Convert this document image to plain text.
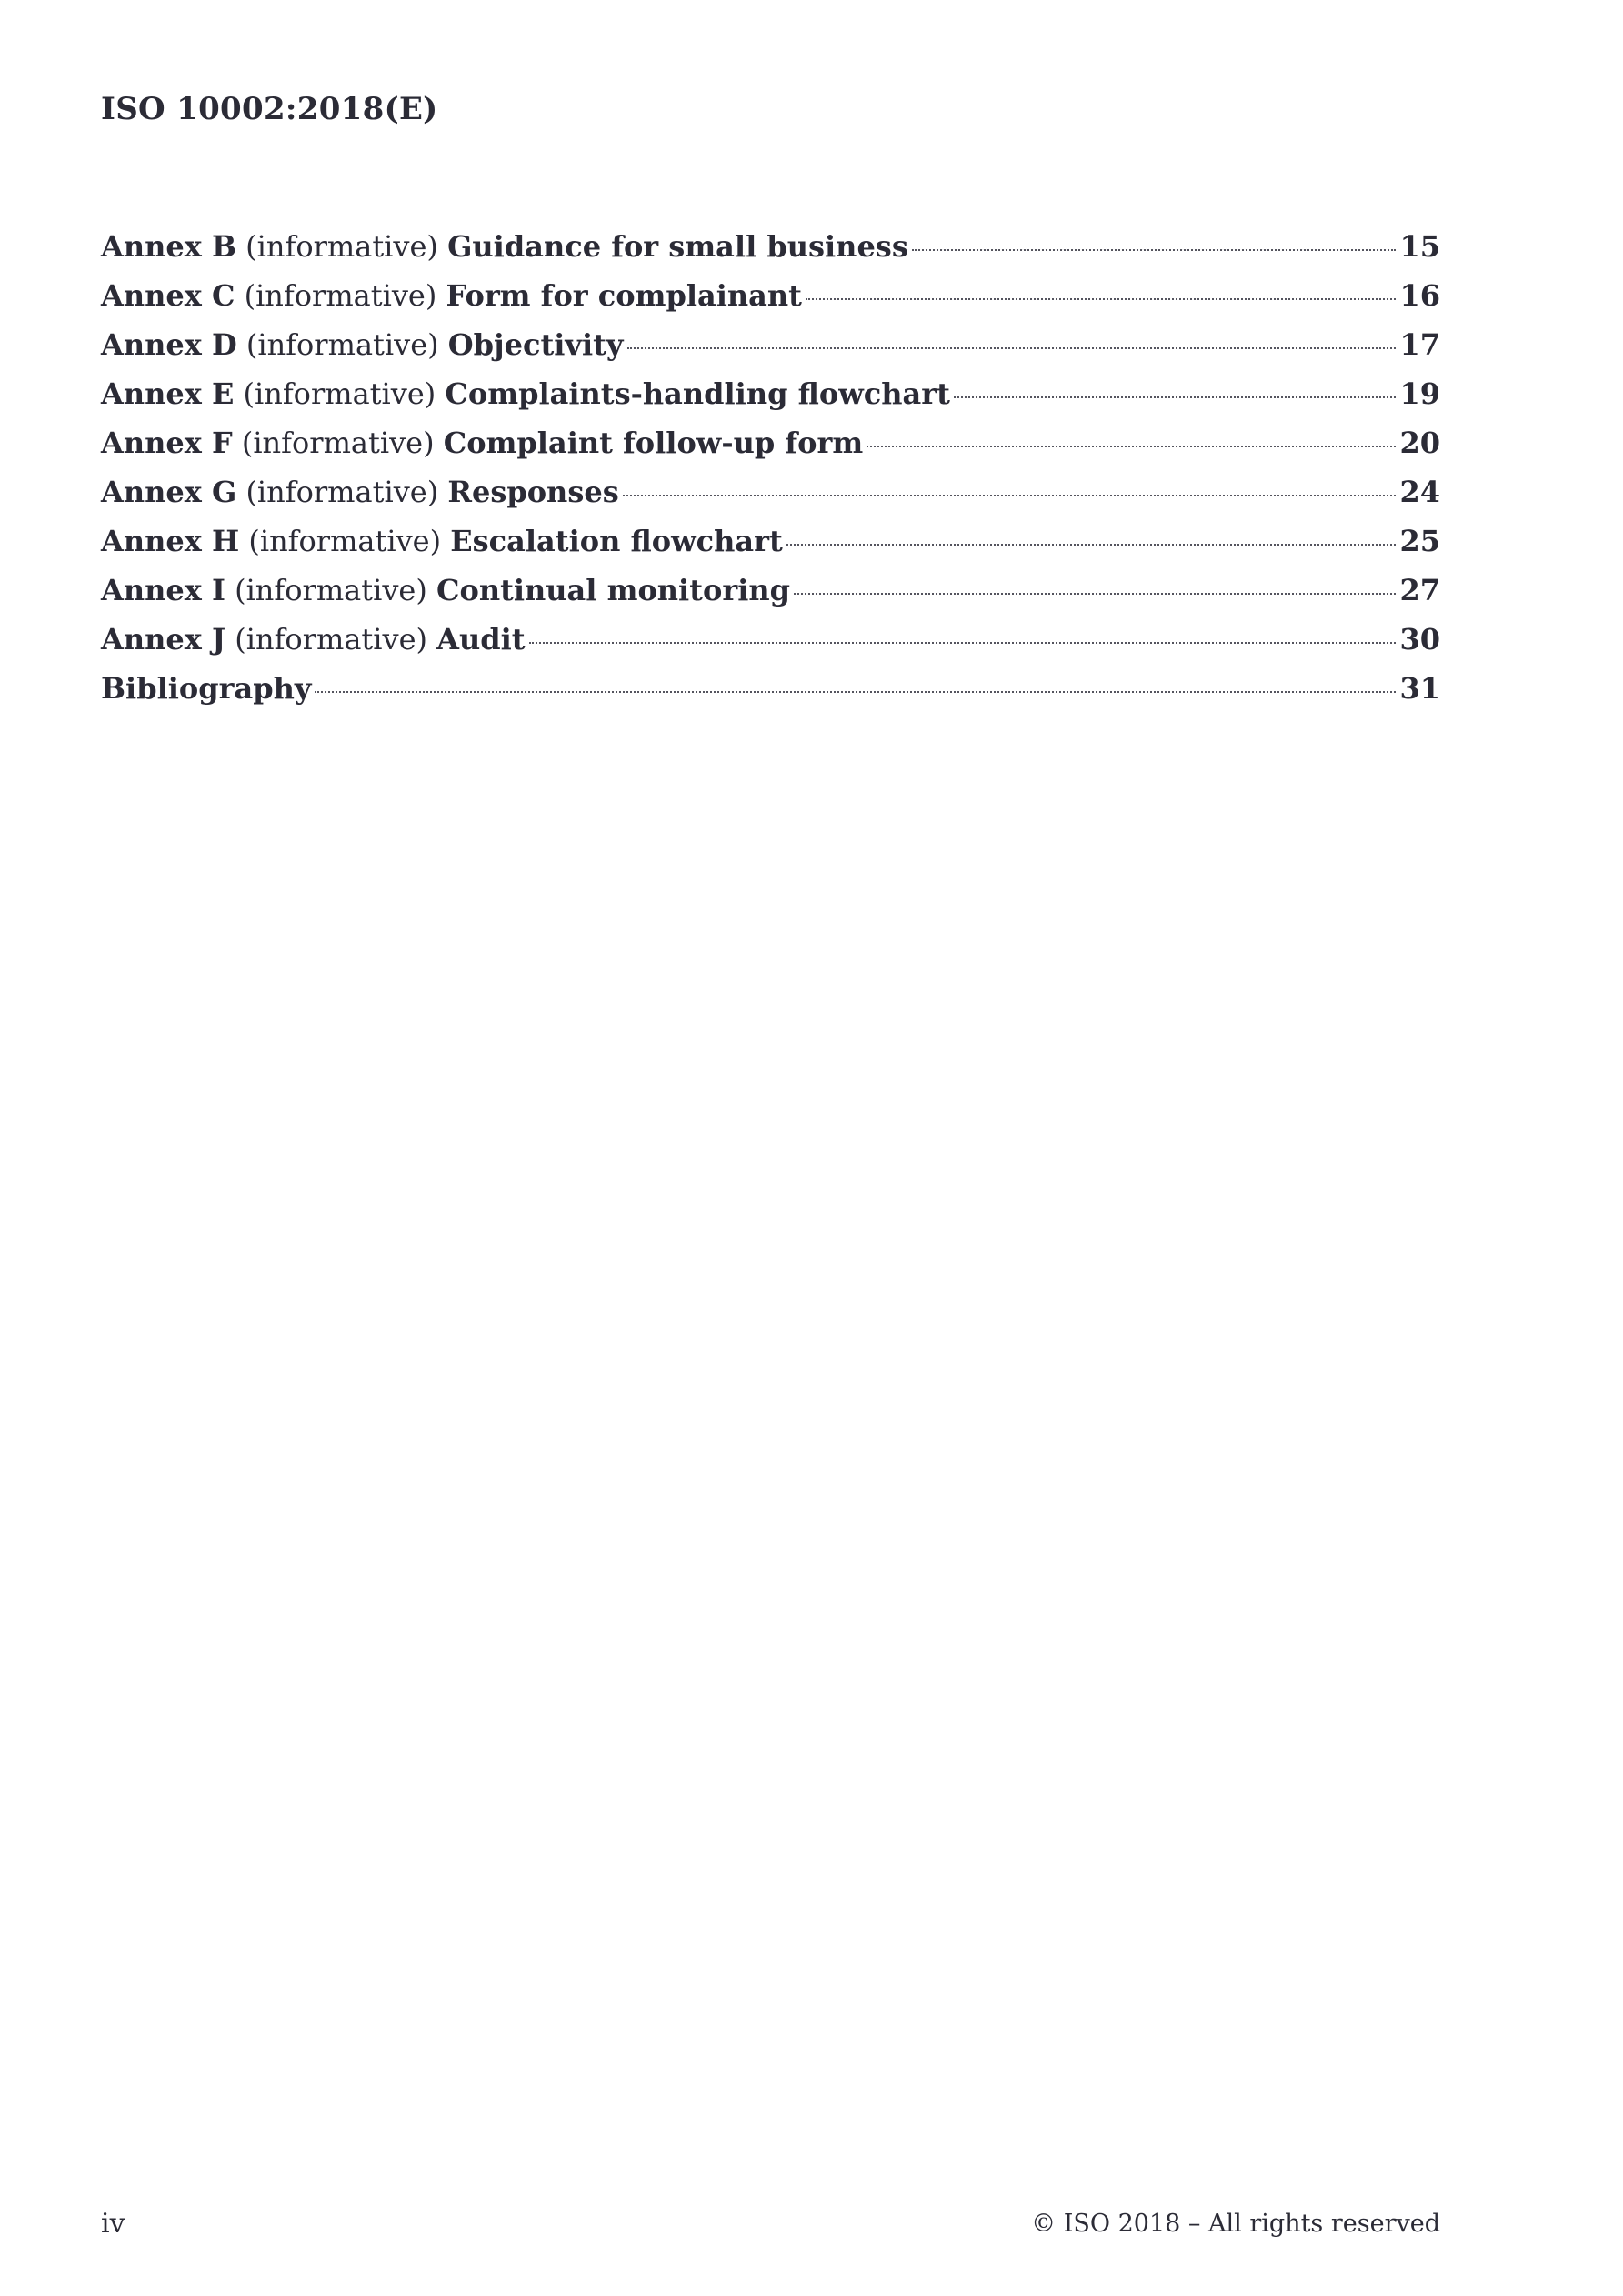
ISO 10002:2018(E)
Annex B (informative) Guidance for small business	15
Annex C (informative) Form for complainant	16
Annex D (informative) Objectivity	17
Annex E (informative) Complaints-handling flowchart	19
Annex F (informative) Complaint follow-up form	20
Annex G (informative) Responses	24
Annex H (informative) Escalation flowchart	25
Annex I (informative) Continual monitoring	27
Annex J (informative) Audit	30
Bibliography	31
iv	© ISO 2018 – All rights reserved
